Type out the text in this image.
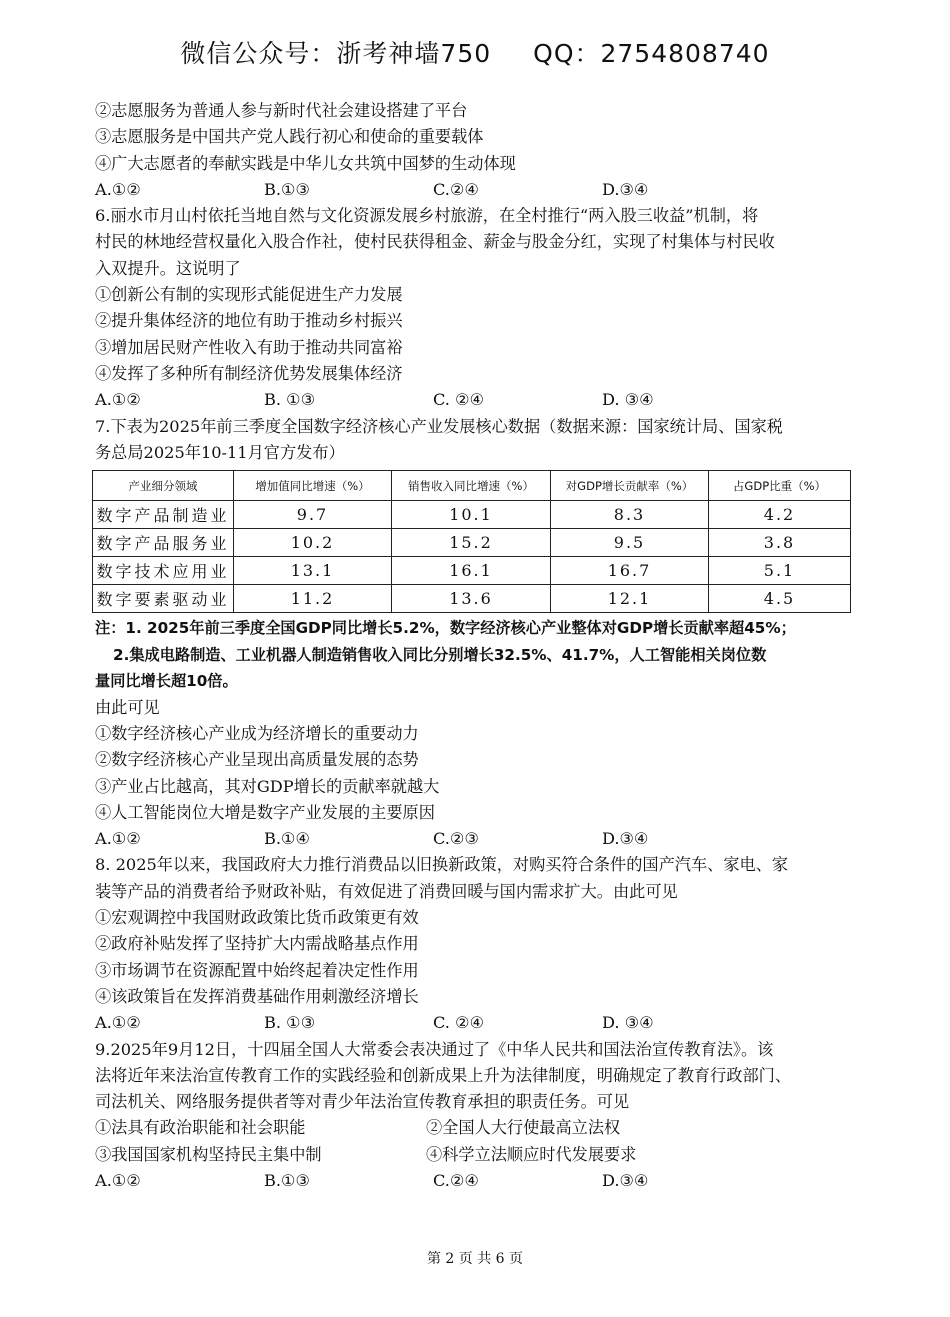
微信公众号：浙考神墙750 QQ：2754808740
②志愿服务为普通人参与新时代社会建设搭建了平台
③志愿服务是中国共产党人践行初心和使命的重要载体
④广大志愿者的奉献实践是中华儿女共筑中国梦的生动体现
A.①②	B.①③	C.②④	D.③④
6.丽水市月山村依托当地自然与文化资源发展乡村旅游，在全村推行“两入股三收益”机制，将
村民的林地经营权量化入股合作社，使村民获得租金、薪金与股金分红，实现了村集体与村民收
入双提升。这说明了
①创新公有制的实现形式能促进生产力发展
②提升集体经济的地位有助于推动乡村振兴
③增加居民财产性收入有助于推动共同富裕
④发挥了多种所有制经济优势发展集体经济
A.①②	B. ①③	C. ②④	D. ③④
7.下表为2025年前三季度全国数字经济核心产业发展核心数据（数据来源：国家统计局、国家税
务总局2025年10-11月官方发布）
产业细分领域	增加值同比增速（%）	销售收入同比增速（%）	对GDP增长贡献率（%）	占GDP比重（%）
数字产品制造业	9.7	10.1	8.3	4.2
数字产品服务业	10.2	15.2	9.5	3.8
数字技术应用业	13.1	16.1	16.7	5.1
数字要素驱动业	11.2	13.6	12.1	4.5
注：1. 2025年前三季度全国GDP同比增长5.2%，数字经济核心产业整体对GDP增长贡献率超45%；
2.集成电路制造、工业机器人制造销售收入同比分别增长32.5%、41.7%，人工智能相关岗位数
量同比增长超10倍。
由此可见
①数字经济核心产业成为经济增长的重要动力
②数字经济核心产业呈现出高质量发展的态势
③产业占比越高，其对GDP增长的贡献率就越大
④人工智能岗位大增是数字产业发展的主要原因
A.①②	B.①④	C.②③	D.③④
8. 2025年以来，我国政府大力推行消费品以旧换新政策，对购买符合条件的国产汽车、家电、家
装等产品的消费者给予财政补贴，有效促进了消费回暖与国内需求扩大。由此可见
①宏观调控中我国财政政策比货币政策更有效
②政府补贴发挥了坚持扩大内需战略基点作用
③市场调节在资源配置中始终起着决定性作用
④该政策旨在发挥消费基础作用刺激经济增长
A.①②	B. ①③	C. ②④	D. ③④
9.2025年9月12日，十四届全国人大常委会表决通过了《中华人民共和国法治宣传教育法》。该
法将近年来法治宣传教育工作的实践经验和创新成果上升为法律制度，明确规定了教育行政部门、
司法机关、网络服务提供者等对青少年法治宣传教育承担的职责任务。可见
①法具有政治职能和社会职能	②全国人大行使最高立法权
③我国国家机构坚持民主集中制	④科学立法顺应时代发展要求
A.①②	B.①③	C.②④	D.③④
第 2 页 共 6 页
